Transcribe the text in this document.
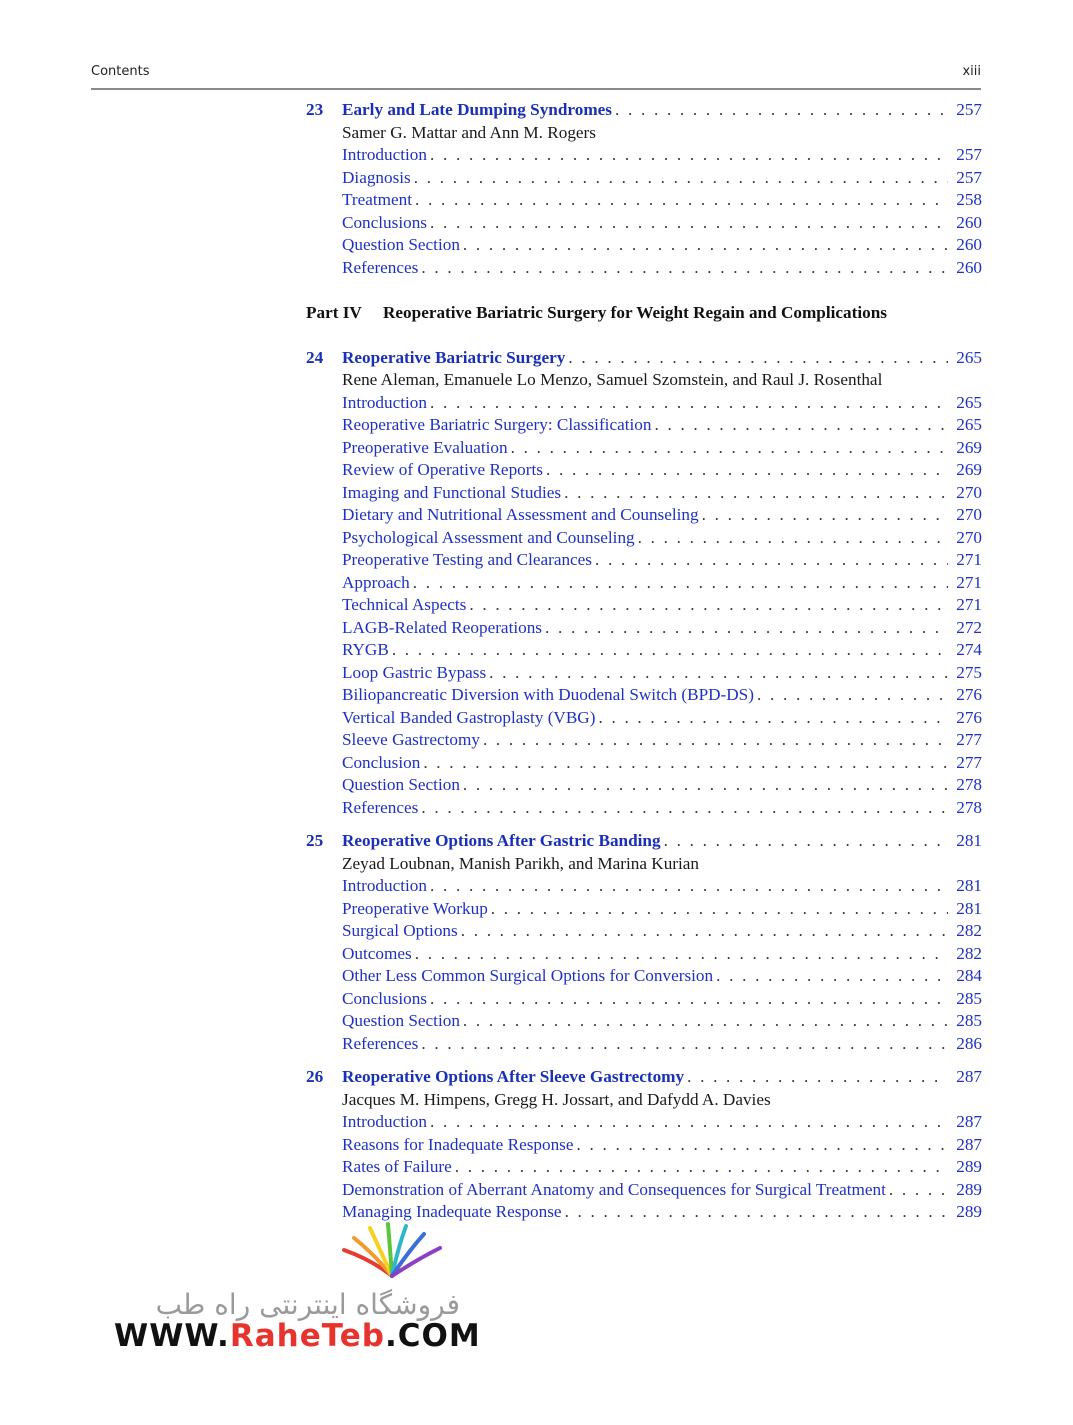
Contents	xiii
23	Early and Late Dumping Syndromes . . .	257
Samer G. Mattar and Ann M. Rogers
Introduction . . .	257
Diagnosis . . .	257
Treatment . . .	258
Conclusions . . .	260
Question Section . . .	260
References . . .	260
Part IV Reoperative Bariatric Surgery for Weight Regain and Complications
24	Reoperative Bariatric Surgery . . .	265
Rene Aleman, Emanuele Lo Menzo, Samuel Szomstein, and Raul J. Rosenthal
Introduction . . .	265
Reoperative Bariatric Surgery: Classification . . .	265
Preoperative Evaluation . . .	269
Review of Operative Reports . . .	269
Imaging and Functional Studies . . .	270
Dietary and Nutritional Assessment and Counseling . . .	270
Psychological Assessment and Counseling . . .	270
Preoperative Testing and Clearances . . .	271
Approach . . .	271
Technical Aspects . . .	271
LAGB-Related Reoperations . . .	272
RYGB . . .	274
Loop Gastric Bypass . . .	275
Biliopancreatic Diversion with Duodenal Switch (BPD-DS) . . .	276
Vertical Banded Gastroplasty (VBG) . . .	276
Sleeve Gastrectomy . . .	277
Conclusion . . .	277
Question Section . . .	278
References . . .	278
25	Reoperative Options After Gastric Banding . . .	281
Zeyad Loubnan, Manish Parikh, and Marina Kurian
Introduction . . .	281
Preoperative Workup . . .	281
Surgical Options . . .	282
Outcomes . . .	282
Other Less Common Surgical Options for Conversion . . .	284
Conclusions . . .	285
Question Section . . .	285
References . . .	286
26	Reoperative Options After Sleeve Gastrectomy . . .	287
Jacques M. Himpens, Gregg H. Jossart, and Dafydd A. Davies
Introduction . . .	287
Reasons for Inadequate Response . . .	287
Rates of Failure . . .	289
Demonstration of Aberrant Anatomy and Consequences for Surgical Treatment . . .	289
Managing Inadequate Response . . .	289
فروشگاه اینترنتی راه طب
WWW.RaheTeb.COM
